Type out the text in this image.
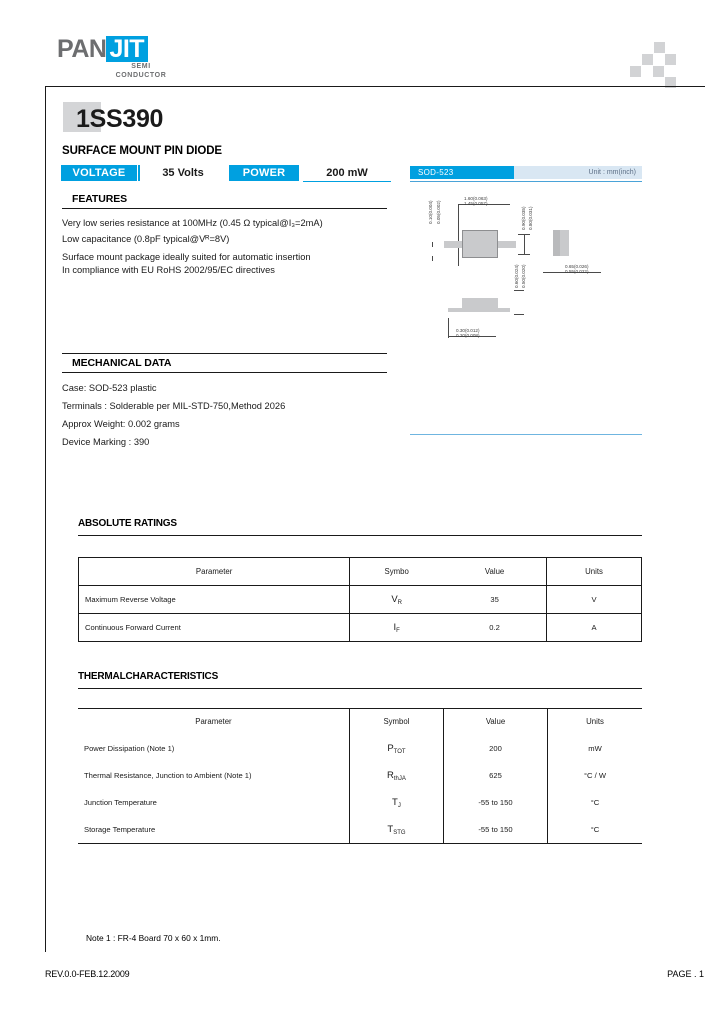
PAN JIT
SEMI
CONDUCTOR
1SS390
SURFACE MOUNT PIN DIODE
VOLTAGE	35 Volts	POWER	200 mW
FEATURES
Very low series resistance at 100MHz (0.45 Ω typical@I₃=2mA)
Low capacitance (0.8pF typical@Vᴿ=8V)
Surface mount package ideally suited for automatic insertion
In compliance with EU RoHS 2002/95/EC directives
MECHANICAL DATA
Case: SOD-523 plastic
Terminals : Solderable per MIL-STD-750,Method 2026
Approx Weight: 0.002 grams
Device Marking : 390
SOD-523	Unit : mm(inch)
1.60(0.063)
1.45(0.057)
0.90(0.035) 0.80(0.031)
0.10(0.004) 0.05(0.002)
0.65(0.026)
0.55(0.022)
0.60(0.024) 0.50(0.020)
0.30(0.012)
0.20(0.008)
ABSOLUTE RATINGS
Parameter	Symbo	Value	Units
Maximum Reverse Voltage	$V_R$	35	V
Continuous Forward Current	$I_F$	0.2	A
THERMALCHARACTERISTICS
Parameter	Symbol	Value	Units
Power Dissipation (Note 1)	$P_{TOT}$	200	mW
Thermal Resistance, Junction to Ambient (Note 1)	$R_{thJA}$	625	°C / W
Junction Temperature	$T_J$	-55 to 150	°C
Storage Temperature	$T_{STG}$	-55 to 150	°C
Note 1 : FR-4 Board 70 x 60 x 1mm.
REV.0.0-FEB.12.2009	PAGE . 1
